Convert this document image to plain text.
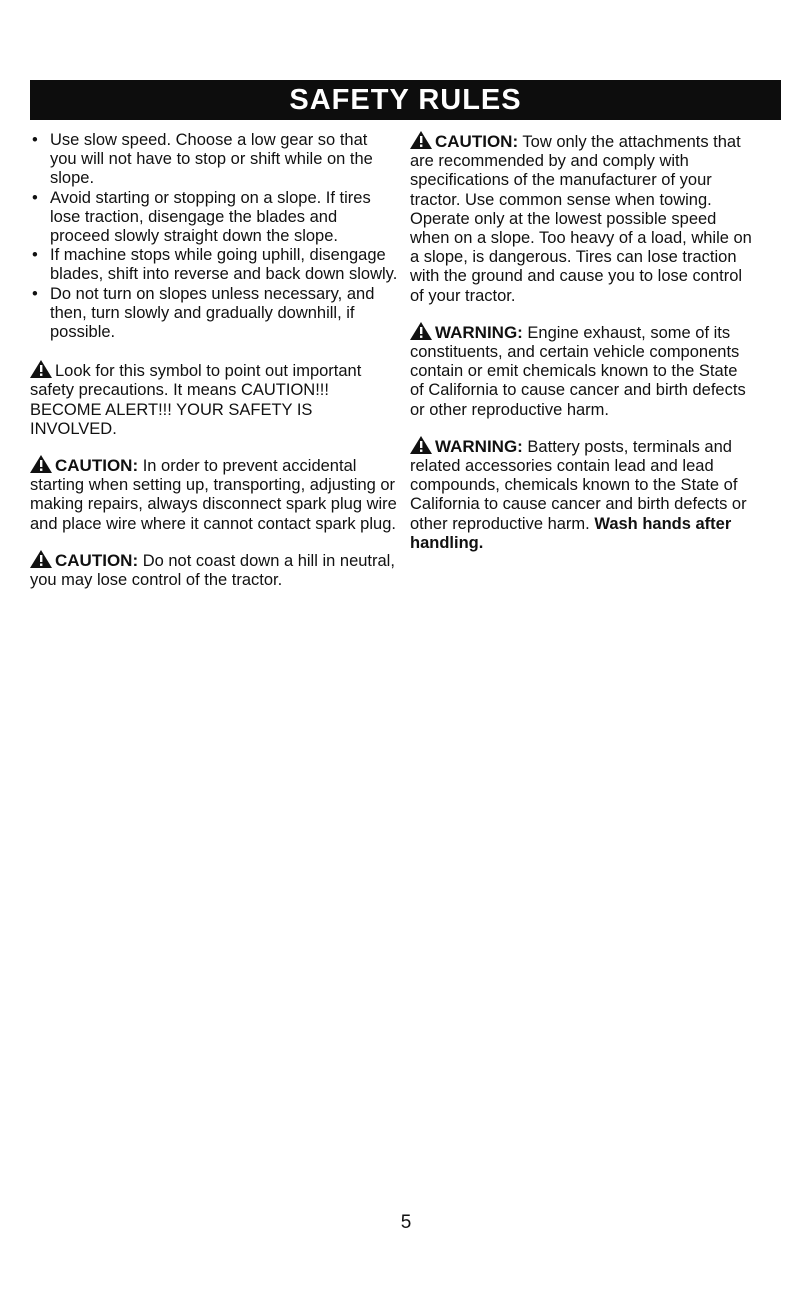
SAFETY RULES
• Use slow speed. Choose a low gear so that you will not have to stop or shift while on the slope.
• Avoid starting or stopping on a slope. If tires lose traction, disengage the blades and proceed slowly straight down the slope.
• If machine stops while going uphill, disengage blades, shift into reverse and back down slowly.
• Do not turn on slopes unless necessary, and then, turn slowly and gradually downhill, if possible.

Look for this symbol to point out important safety precautions. It means CAUTION!!! BECOME ALERT!!! YOUR SAFETY IS INVOLVED.

CAUTION: In order to prevent accidental starting when setting up, transporting, adjusting or making repairs, always disconnect spark plug wire and place wire where it cannot contact spark plug.

CAUTION: Do not coast down a hill in neutral, you may lose control of the tractor.

CAUTION: Tow only the attachments that are recommended by and comply with specifications of the manufacturer of your tractor. Use common sense when towing. Operate only at the lowest possible speed when on a slope. Too heavy of a load, while on a slope, is dangerous. Tires can lose traction with the ground and cause you to lose control of your tractor.

WARNING: Engine exhaust, some of its constituents, and certain vehicle components contain or emit chemicals known to the State of California to cause cancer and birth defects or other reproductive harm.

WARNING: Battery posts, terminals and related accessories contain lead and lead compounds, chemicals known to the State of California to cause cancer and birth defects or other reproductive harm. Wash hands after handling.

5
